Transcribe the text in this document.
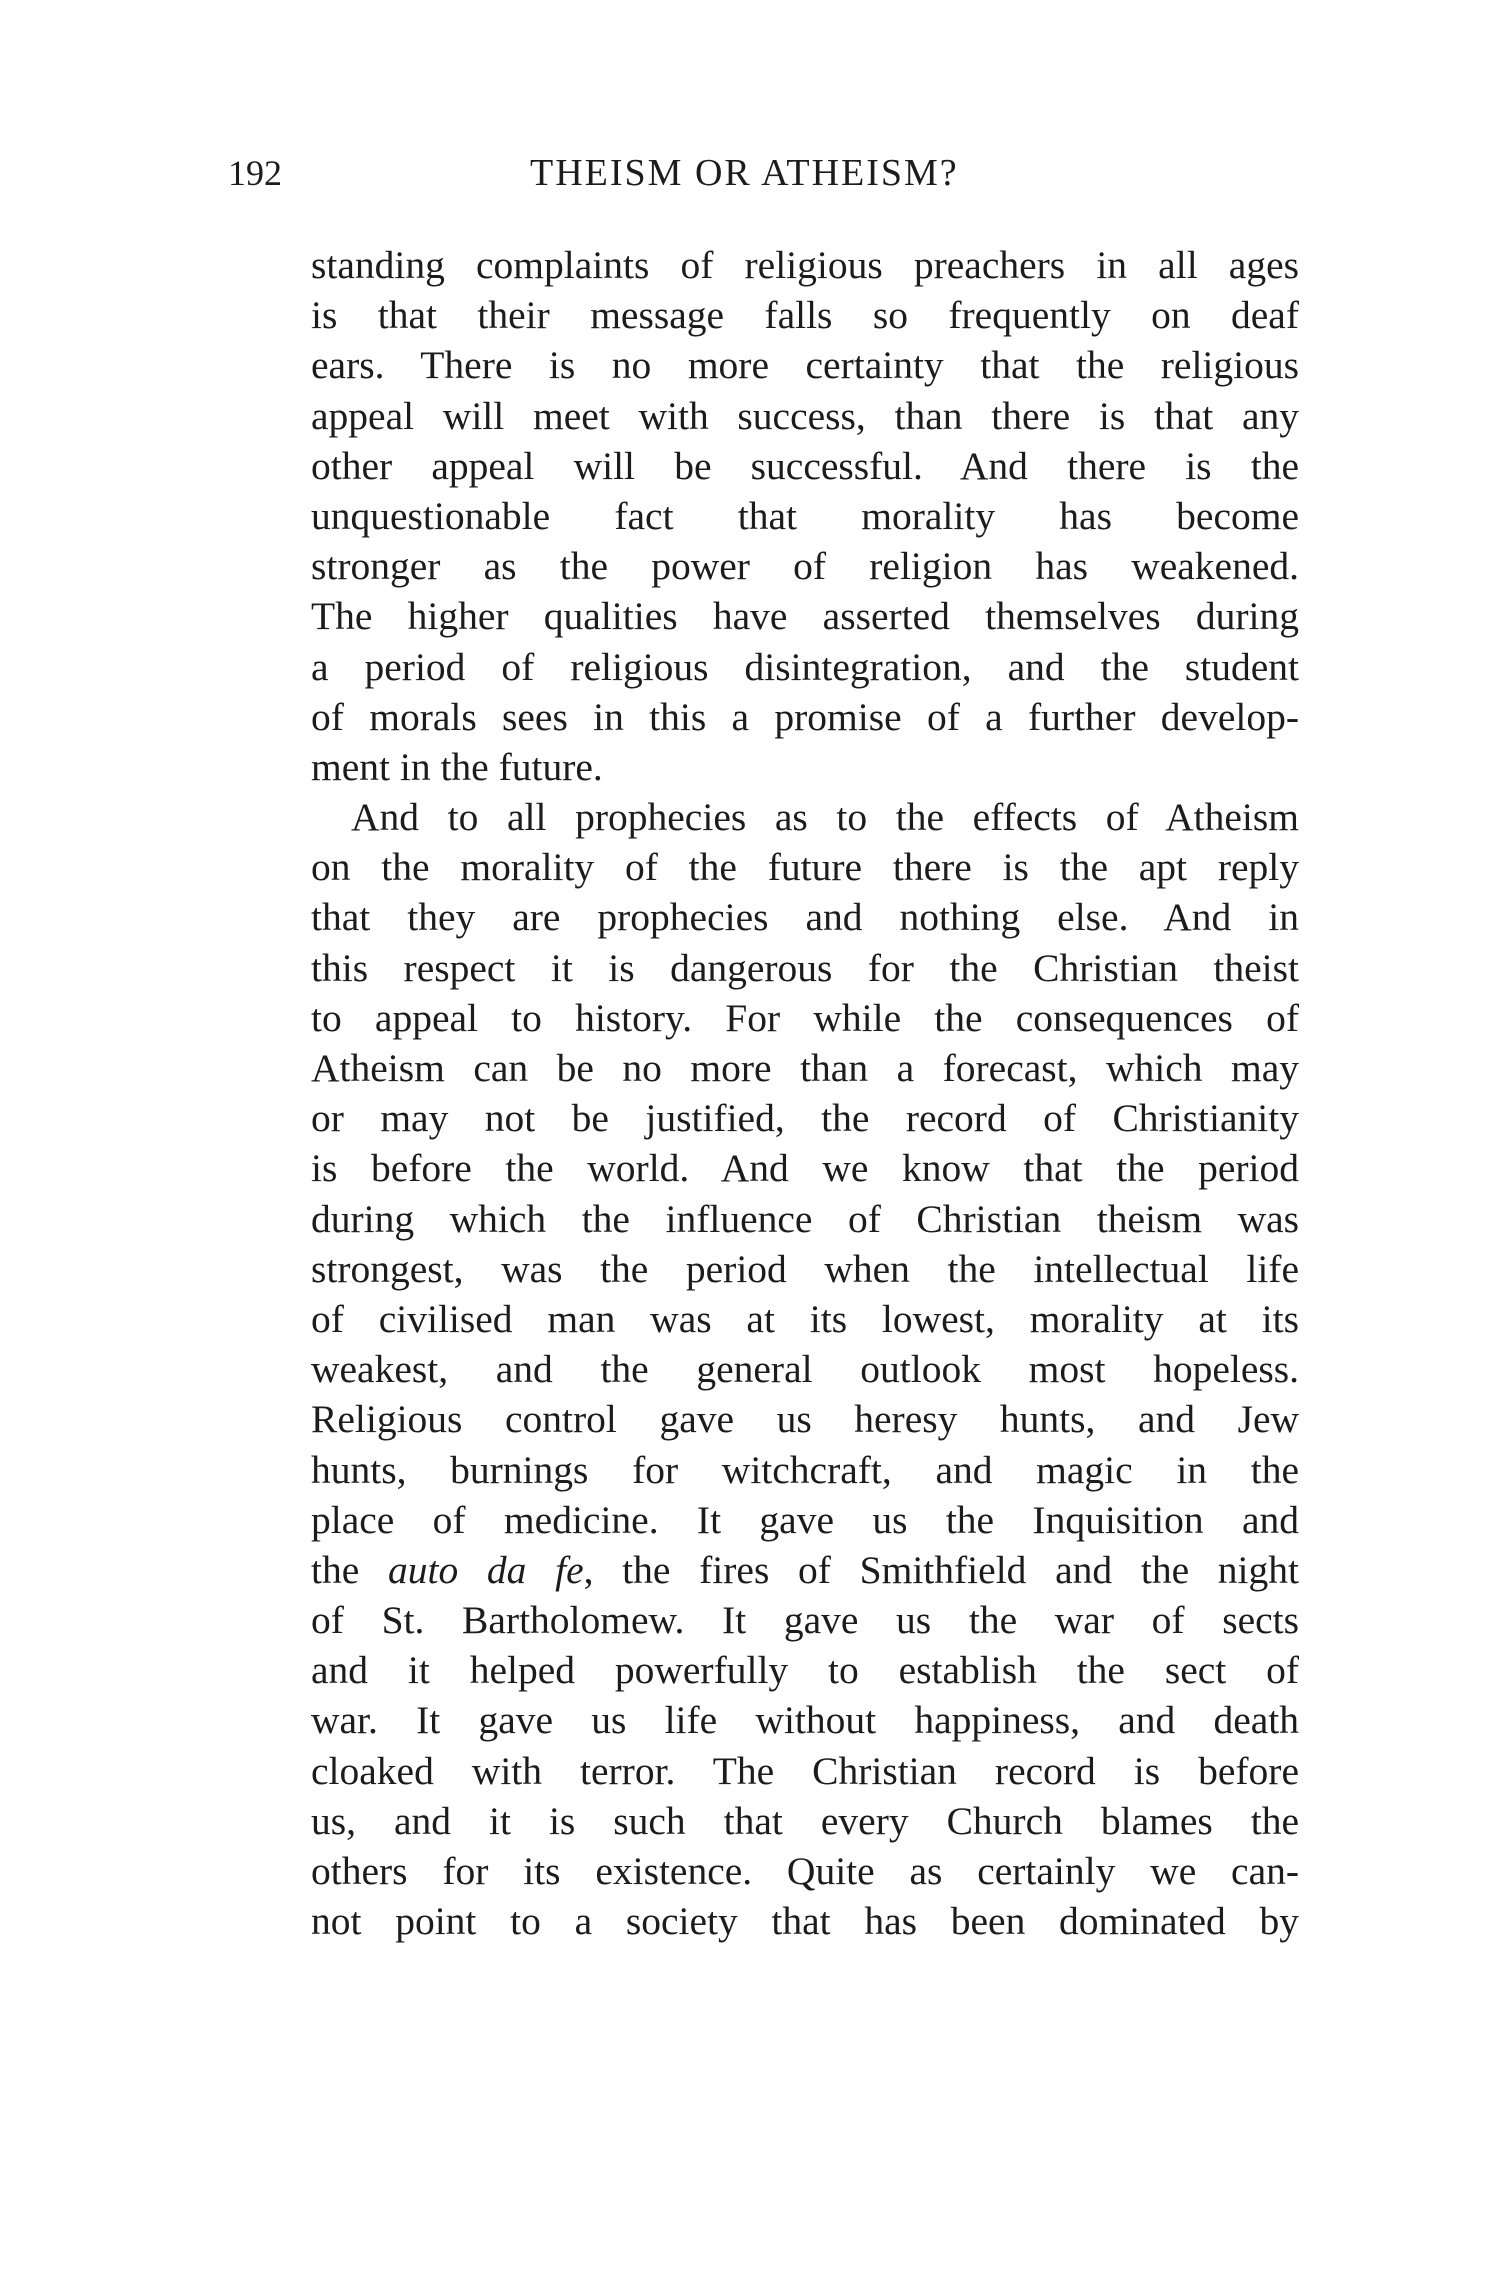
192	THEISM OR ATHEISM?
standing complaints of religious preachers in all ages
is that their message falls so frequently on deaf
ears. There is no more certainty that the religious
appeal will meet with success, than there is that any
other appeal will be successful. And there is the
unquestionable fact that morality has become
stronger as the power of religion has weakened.
The higher qualities have asserted themselves during
a period of religious disintegration, and the student
of morals sees in this a promise of a further develop-
ment in the future.
And to all prophecies as to the effects of Atheism
on the morality of the future there is the apt reply
that they are prophecies and nothing else. And in
this respect it is dangerous for the Christian theist
to appeal to history. For while the consequences of
Atheism can be no more than a forecast, which may
or may not be justified, the record of Christianity
is before the world. And we know that the period
during which the influence of Christian theism was
strongest, was the period when the intellectual life
of civilised man was at its lowest, morality at its
weakest, and the general outlook most hopeless.
Religious control gave us heresy hunts, and Jew
hunts, burnings for witchcraft, and magic in the
place of medicine. It gave us the Inquisition and
the auto da fe, the fires of Smithfield and the night
of St. Bartholomew. It gave us the war of sects
and it helped powerfully to establish the sect of
war. It gave us life without happiness, and death
cloaked with terror. The Christian record is before
us, and it is such that every Church blames the
others for its existence. Quite as certainly we can-
not point to a society that has been dominated by
